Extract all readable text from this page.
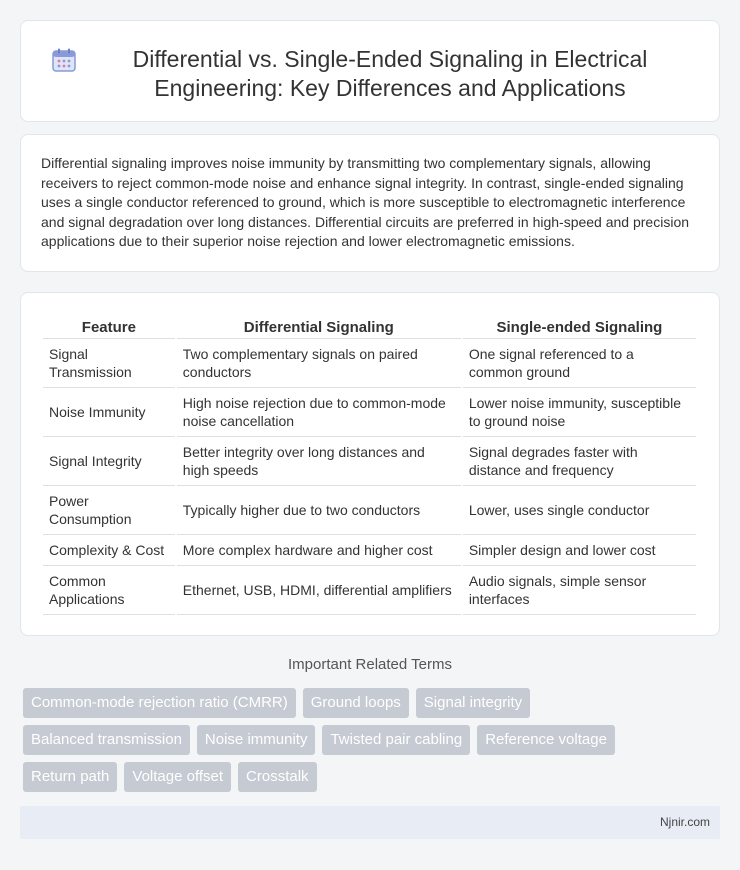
Differential vs. Single-Ended Signaling in Electrical Engineering: Key Differences and Applications

Differential signaling improves noise immunity by transmitting two complementary signals, allowing receivers to reject common-mode noise and enhance signal integrity. In contrast, single-ended signaling uses a single conductor referenced to ground, which is more susceptible to electromagnetic interference and signal degradation over long distances. Differential circuits are preferred in high-speed and precision applications due to their superior noise rejection and lower electromagnetic emissions.

Feature	Differential Signaling	Single-ended Signaling
Signal Transmission	Two complementary signals on paired conductors	One signal referenced to a common ground
Noise Immunity	High noise rejection due to common-mode noise cancellation	Lower noise immunity, susceptible to ground noise
Signal Integrity	Better integrity over long distances and high speeds	Signal degrades faster with distance and frequency
Power Consumption	Typically higher due to two conductors	Lower, uses single conductor
Complexity & Cost	More complex hardware and higher cost	Simpler design and lower cost
Common Applications	Ethernet, USB, HDMI, differential amplifiers	Audio signals, simple sensor interfaces
Important Related Terms
Common-mode rejection ratio (CMRR)	Ground loops	Signal integrity
Balanced transmission	Noise immunity	Twisted pair cabling	Reference voltage
Return path	Voltage offset	Crosstalk
Njnir.com
